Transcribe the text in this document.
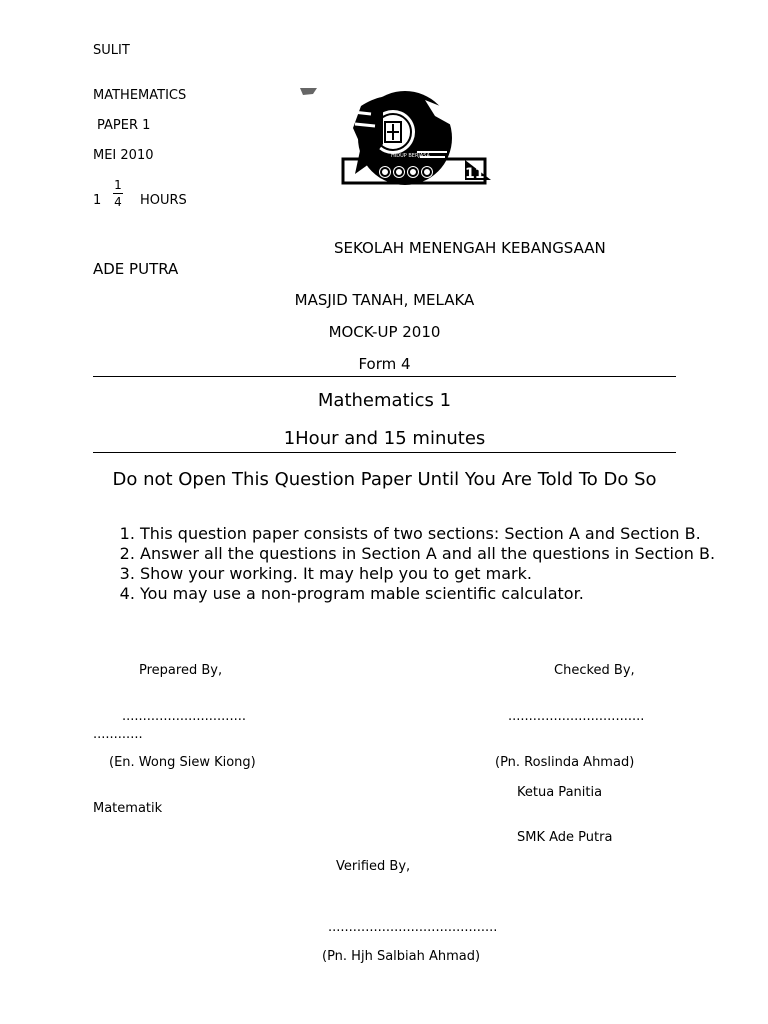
SULIT
MATHEMATICS
PAPER 1
MEI 2010
1
1
4 HOURS
HIDUP BERJASA
11
SEKOLAH MENENGAH KEBANGSAAN
ADE PUTRA
MASJID TANAH, MELAKA
MOCK-UP 2010
Form 4
Mathematics 1
1Hour and 15 minutes
Do not Open This Question Paper Until You Are Told To Do So
1. This question paper consists of two sections: Section A and Section B.
2. Answer all the questions in Section A and all the questions in Section B.
3. Show your working. It may help you to get mark.
4. You may use a non-program mable scientific calculator.
Prepared By,	Checked By,
..............................	.................................
............
(En. Wong Siew Kiong)	(Pn. Roslinda Ahmad)
Ketua Panitia
Matematik
SMK Ade Putra
Verified By,
.........................................
(Pn. Hjh Salbiah Ahmad)
